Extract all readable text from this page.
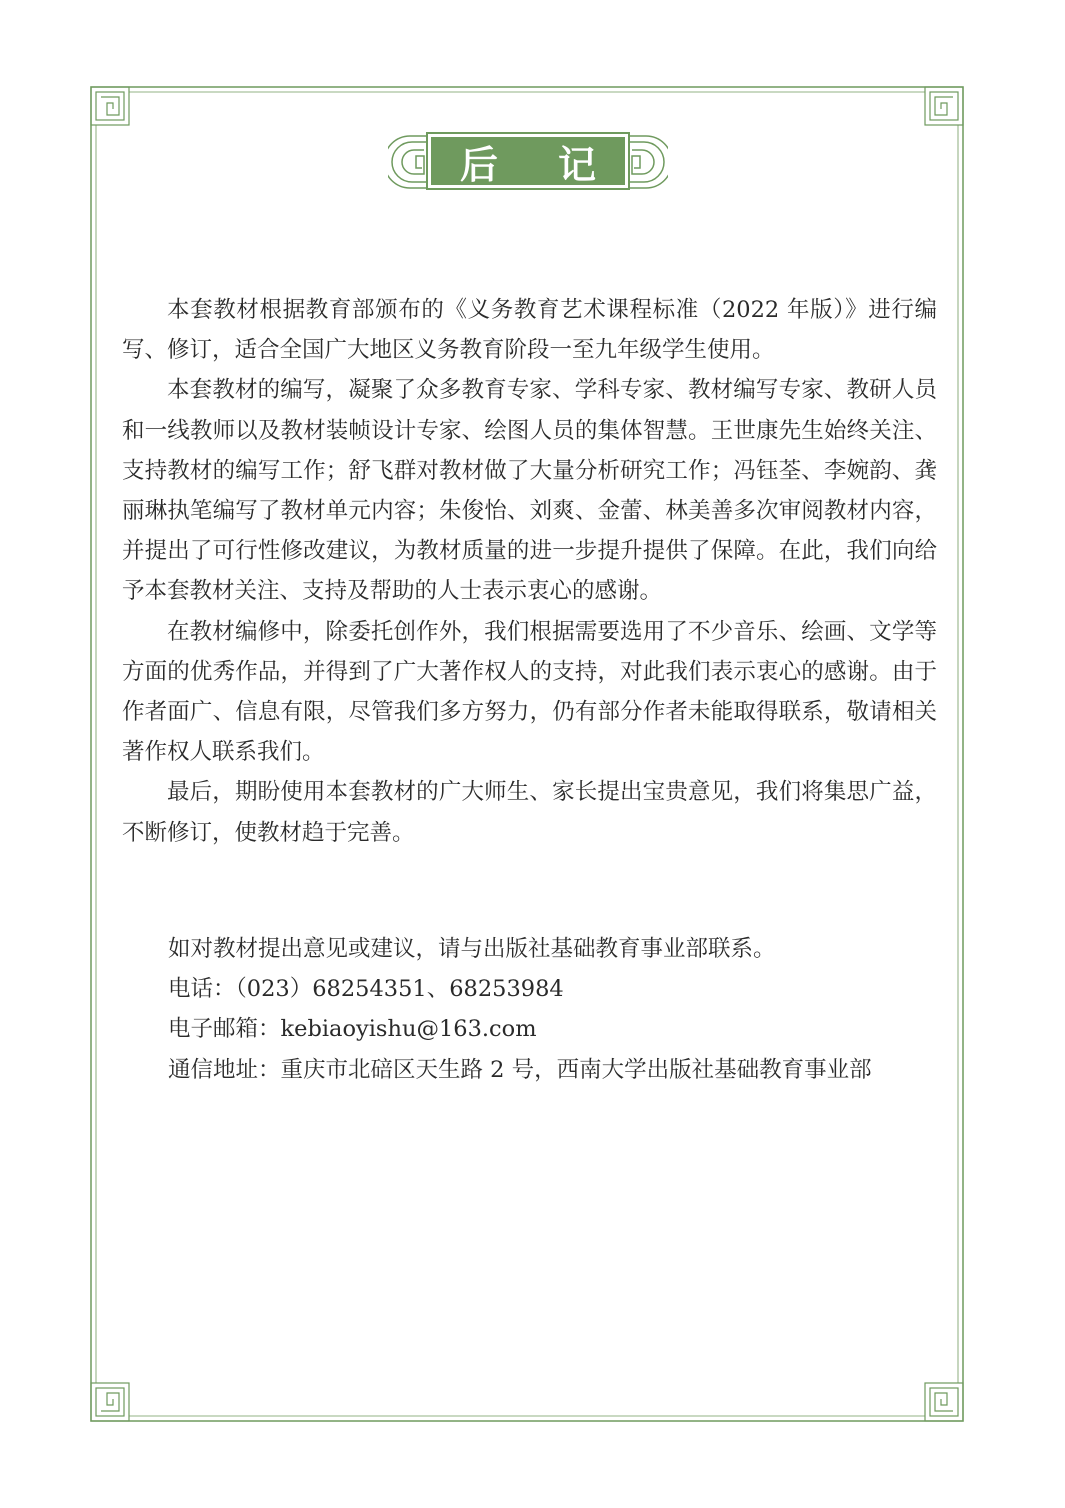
后记

本套教材根据教育部颁布的《义务教育艺术课程标准（2022 年版）》进行编写、修订，适合全国广大地区义务教育阶段一至九年级学生使用。

本套教材的编写，凝聚了众多教育专家、学科专家、教材编写专家、教研人员和一线教师以及教材装帧设计专家、绘图人员的集体智慧。王世康先生始终关注、支持教材的编写工作；舒飞群对教材做了大量分析研究工作；冯钰荃、李婉韵、龚丽琳执笔编写了教材单元内容；朱俊怡、刘爽、金蕾、林美善多次审阅教材内容，并提出了可行性修改建议，为教材质量的进一步提升提供了保障。在此，我们向给予本套教材关注、支持及帮助的人士表示衷心的感谢。

在教材编修中，除委托创作外，我们根据需要选用了不少音乐、绘画、文学等方面的优秀作品，并得到了广大著作权人的支持，对此我们表示衷心的感谢。由于作者面广、信息有限，尽管我们多方努力，仍有部分作者未能取得联系，敬请相关著作权人联系我们。

最后，期盼使用本套教材的广大师生、家长提出宝贵意见，我们将集思广益，不断修订，使教材趋于完善。

如对教材提出意见或建议，请与出版社基础教育事业部联系。
电话：（023）68254351、68253984
电子邮箱：kebiaoyishu@163.com
通信地址：重庆市北碚区天生路 2 号，西南大学出版社基础教育事业部
